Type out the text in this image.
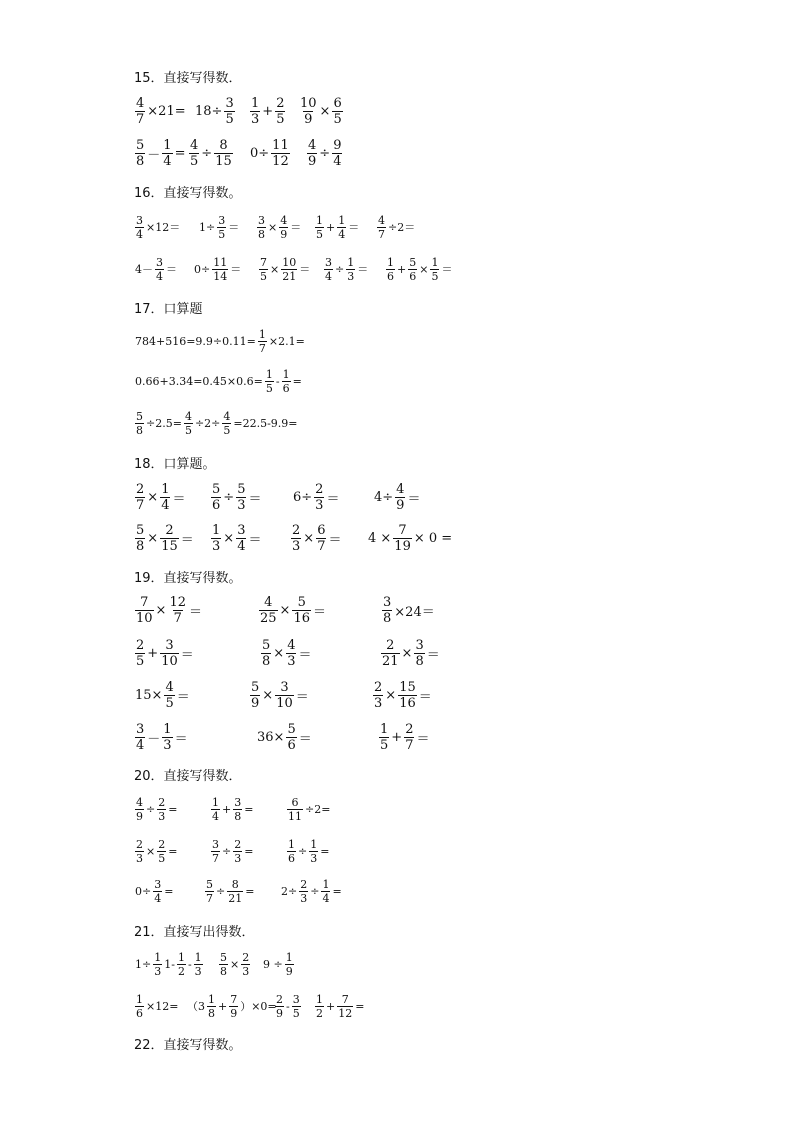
15．直接写得数．
$\frac{4}{7} \times 21= 18\div \frac{3}{5} \frac{1}{3} + \frac{2}{5} \frac{10}{9} \times \frac{6}{5}$
$\frac{5}{8} - \frac{1}{4} = \frac{4}{5} \div \frac{8}{15} 0\div \frac{11}{12} \frac{4}{9} \div \frac{9}{4}$
16．直接写得数。
$\frac{3}{4} \times 12= 1\div \frac{3}{5} = \frac{3}{8} \times \frac{4}{9} = \frac{1}{5} + \frac{1}{4} = \frac{4}{7} \div 2=$
$4- \frac{3}{4} = 0\div \frac{11}{14} = \frac{7}{5} \times \frac{10}{21} = \frac{3}{4} \div \frac{1}{3} = \frac{1}{6} + \frac{5}{6} \times \frac{1}{5}$ ＝
17．口算题
$784+516=9.9\div 0.11= \frac{1}{7} \times 2.1=$
$0.66+3.34=0.45\times 0.6= \frac{1}{5} - \frac{1}{6}$ =
$\frac{5}{8} \div 2.5= \frac{4}{5} \div 2\div \frac{4}{5} =22.5-9.9=$
18．口算题。
$\frac{2}{7} \times \frac{1}{4} = \frac{5}{6} \div \frac{5}{3} = 6\div \frac{2}{3}$ ＝	$4\div \frac{4}{9}$ ＝
$\frac{5}{8} \times \frac{2}{15} = \frac{1}{3} \times \frac{3}{4} = \frac{2}{3} \times \frac{6}{7} = 4 \times \frac{7}{19} \times 0$ =
19．直接写得数。
$\frac{7}{10} \times \frac{12}{7}$ ＝	$\frac{4}{25} \times \frac{5}{16}$ ＝	$\frac{3}{8} \times 24=$
$\frac{2}{5} + \frac{3}{10}$ ＝	$\frac{5}{8} \times \frac{4}{3}$ ＝	$\frac{2}{21} \times \frac{3}{8}$ ＝
$15\times \frac{4}{5}$ ＝	$\frac{5}{9} \times \frac{3}{10}$ ＝	$\frac{2}{3} \times \frac{15}{16}$ ＝
$\frac{3}{4} - \frac{1}{3}$ ＝	$36\times \frac{5}{6}$ ＝	$\frac{1}{5} + \frac{2}{7}$ ＝
20．直接写得数．
$\frac{4}{9} \div \frac{2}{3}$ =	$\frac{1}{4} + \frac{3}{8}$ =	$\frac{6}{11} \div 2=$
$\frac{2}{3} \times \frac{2}{5}$ =	$\frac{3}{7} \div \frac{2}{3}$ =	$\frac{1}{6} \div \frac{1}{3}$ =
$0\div \frac{3}{4}$ =	$\frac{5}{7} \div \frac{8}{21} = 2\div \frac{2}{3} \div \frac{1}{4}$ =
21．直接写出得数．
$1\div \frac{1}{3} 1- \frac{1}{2} - \frac{1}{3} \frac{5}{8} \times \frac{2}{3} 9 \div \frac{1}{9}$
$\frac{1}{6} \times 12= (3 \frac{1}{8} + \frac{7}{9} )\times 0=$
$\frac{2}{9} - \frac{3}{5} \frac{1}{2} + \frac{7}{12}$ =
22．直接写得数。
